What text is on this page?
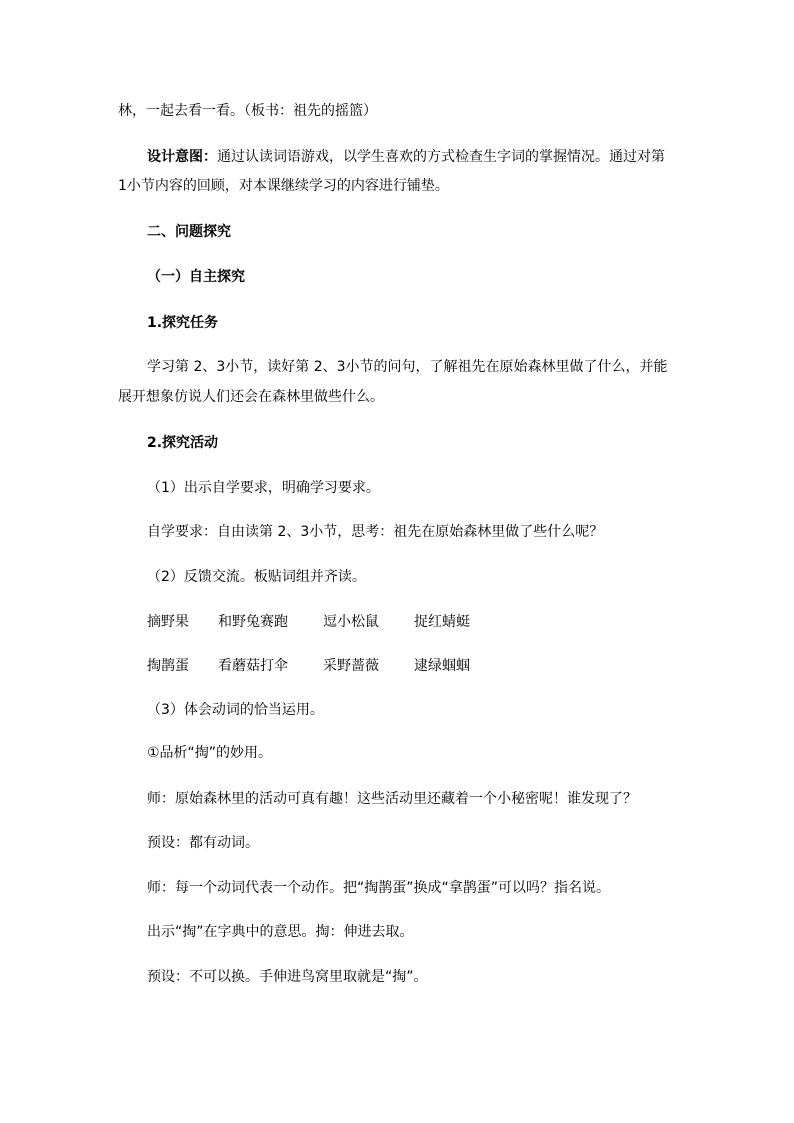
林，一起去看一看。（板书：祖先的摇篮）
设计意图：通过认读词语游戏，以学生喜欢的方式检查生字词的掌握情况。通过对第
1小节内容的回顾，对本课继续学习的内容进行铺垫。
二、问题探究
（一）自主探究
1.探究任务
学习第 2、3小节，读好第 2、3小节的问句，了解祖先在原始森林里做了什么，并能
展开想象仿说人们还会在森林里做些什么。
2.探究活动
（1）出示自学要求，明确学习要求。
自学要求：自由读第 2、3小节，思考：祖先在原始森林里做了些什么呢？
（2）反馈交流。板贴词组并齐读。
摘野果 和野兔赛跑	逗小松鼠	捉红蜻蜓
掏鹊蛋 看蘑菇打伞	采野蔷薇	逮绿蝈蝈
（3）体会动词的恰当运用。
①品析“掏”的妙用。
师：原始森林里的活动可真有趣！这些活动里还藏着一个小秘密呢！谁发现了？
预设：都有动词。
师：每一个动词代表一个动作。把“掏鹊蛋”换成“拿鹊蛋”可以吗？指名说。
出示“掏”在字典中的意思。掏：伸进去取。
预设：不可以换。手伸进鸟窝里取就是“掏”。
